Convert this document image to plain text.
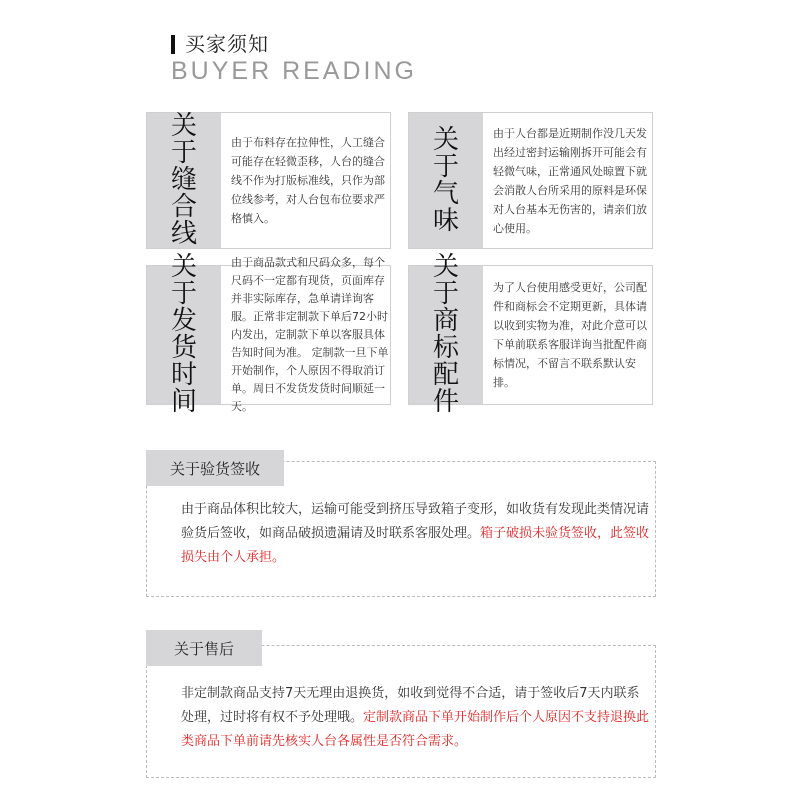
买家须知
BUYER READING
关于缝合线
由于布料存在拉伸性，人工缝合可能存在轻微歪移，人台的缝合线不作为打版标准线，只作为部位线参考，对人台包布位要求严格慎入。
关于气味
由于人台都是近期制作没几天发出经过密封运输刚拆开可能会有轻微气味，正常通风处晾置下就会消散人台所采用的原料是环保对人台基本无伤害的，请亲们放心使用。
关于发货时间
由于商品款式和尺码众多，每个尺码不一定都有现货，页面库存并非实际库存，急单请详询客服。正常非定制款下单后72小时内发出，定制款下单以客服具体告知时间为准。 定制款一旦下单开始制作，个人原因不得取消订单。周日不发货发货时间顺延一天。
关于商标配件
为了人台使用感受更好，公司配件和商标会不定期更新，具体请以收到实物为准，对此介意可以下单前联系客服详询当批配件商标情况，不留言不联系默认安排。
关于验货签收
由于商品体积比较大，运输可能受到挤压导致箱子变形，如收货有发现此类情况请验货后签收，如商品破损遗漏请及时联系客服处理。箱子破损未验货签收，此签收损失由个人承担。
关于售后
非定制款商品支持7天无理由退换货，如收到觉得不合适，请于签收后7天内联系处理，过时将有权不予处理哦。定制款商品下单开始制作后个人原因不支持退换此类商品下单前请先核实人台各属性是否符合需求。
